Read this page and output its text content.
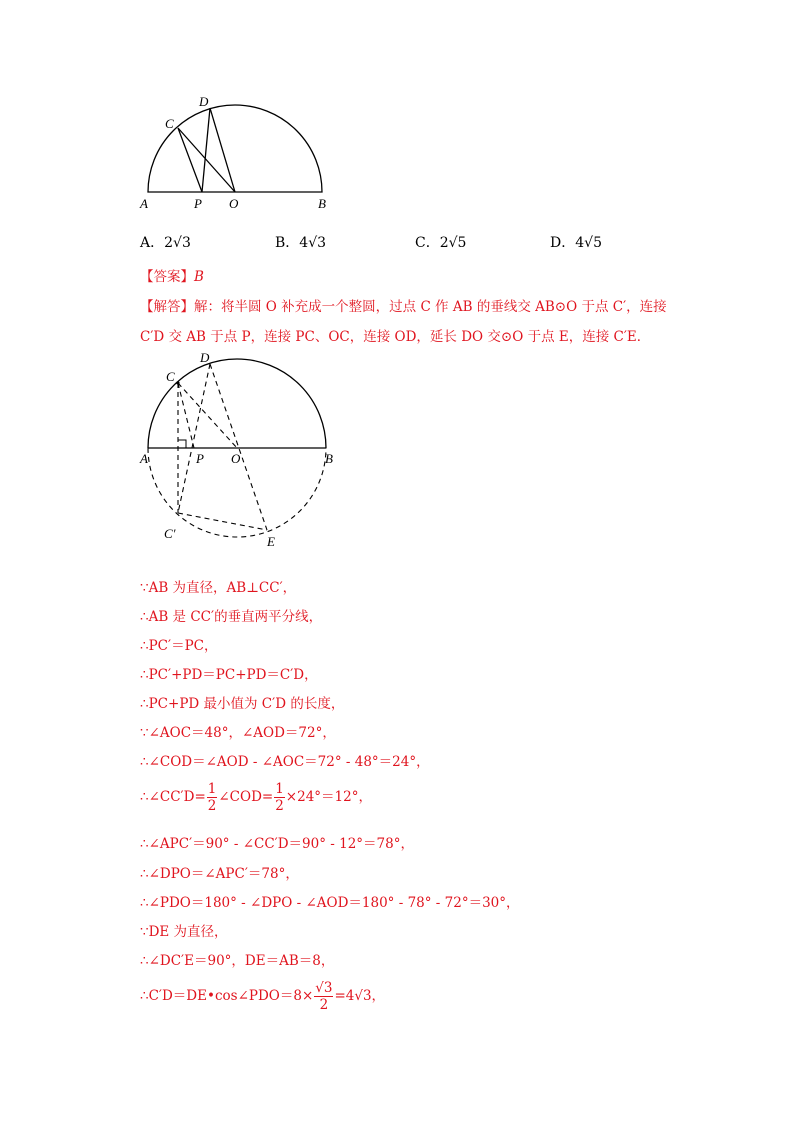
A	B
C
D
O
P
A．2√3	B．4√3	C．2√5	D．4√5
【答案】B
【解答】解：将半圆 O 补充成一个整圆，过点 C 作 AB 的垂线交 AB⊙O 于点 C′，连接
C′D 交 AB 于点 P，连接 PC、OC，连接 OD，延长 DO 交⊙O 于点 E，连接 C′E．
A	B
C
D
O
P
C′
E
∵AB 为直径，AB⊥CC′，
∴AB 是 CC′的垂直两平分线，
∴PC′＝PC，
∴PC′+PD＝PC+PD＝C′D，
∴PC+PD 最小值为 C′D 的长度，
∵∠AOC＝48°，∠AOD＝72°，
∴∠COD＝∠AOD - ∠AOC＝72° - 48°＝24°，
∴∠CC′D= $\frac{1}{2}$ ∠COD= $\frac{1}{2} \times 24^\circ=12^\circ$，
∴∠APC′＝90° - ∠CC′D＝90° - 12°＝78°，
∴∠DPO＝∠APC′＝78°，
∴∠PDO＝180° - ∠DPO - ∠AOD＝180° - 78° - 72°＝30°，
∵DE 为直径，
∴∠DC′E＝90°，DE＝AB＝8，
∴C′D＝DE•cos∠PDO＝8× $\frac{√3}{2} =4√3$，
